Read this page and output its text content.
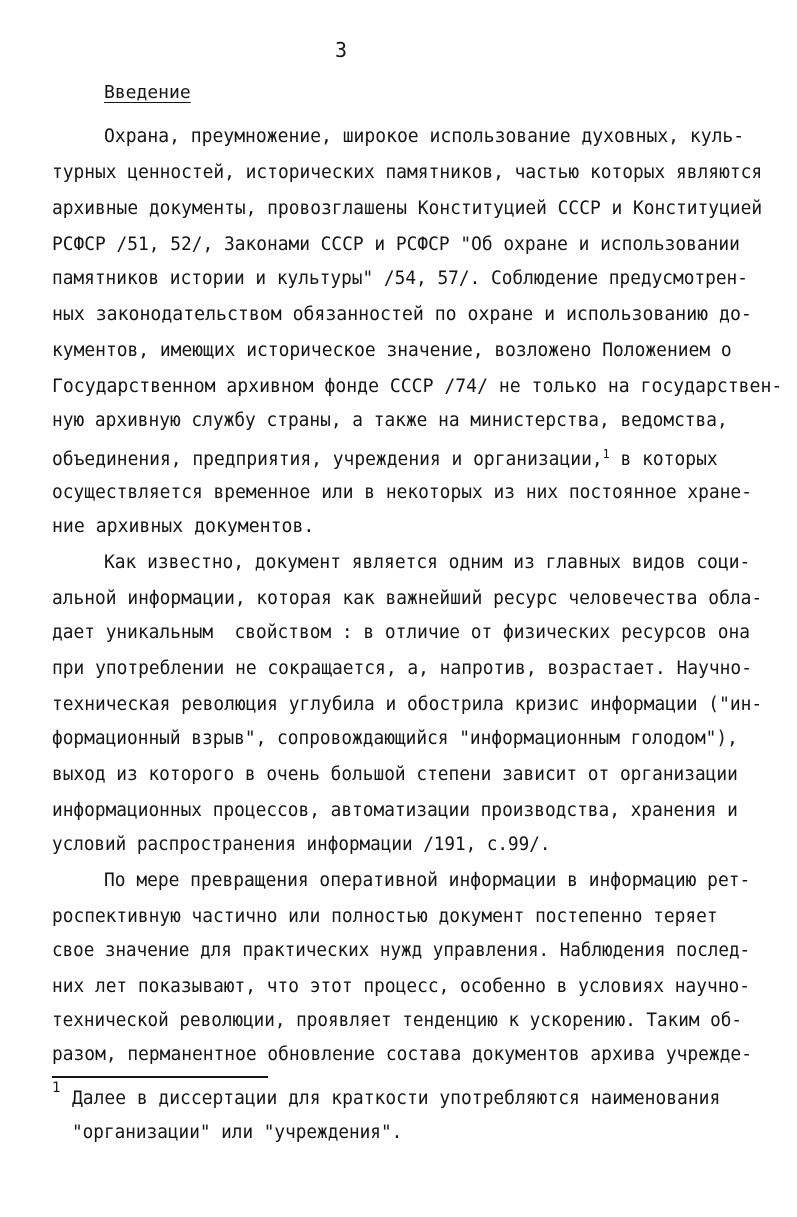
3
Введение
Охрана, преумножение, широкое использование духовных, куль-
турных ценностей, исторических памятников, частью которых являются
архивные документы, провозглашены Конституцией СССР и Конституцией
РСФСР /51, 52/, Законами СССР и РСФСР "Об охране и использовании
памятников истории и культуры" /54, 57/. Соблюдение предусмотрен-
ных законодательством обязанностей по охране и использованию до-
кументов, имеющих историческое значение, возложено Положением о
Государственном архивном фонде СССР /74/ не только на государствен-
ную архивную службу страны, а также на министерства, ведомства,
объединения, предприятия, учреждения и организации,$^1$ в которых
осуществляется временное или в некоторых из них постоянное хране-
ние архивных документов.
Как известно, документ является одним из главных видов соци-
альной информации, которая как важнейший ресурс человечества обла-
дает уникальным  свойством : в отличие от физических ресурсов она
при употреблении не сокращается, а, напротив, возрастает. Научно-
техническая революция углубила и обострила кризис информации ("ин-
формационный взрыв", сопровождающийся "информационным голодом"),
выход из которого в очень большой степени зависит от организации
информационных процессов, автоматизации производства, хранения и
условий распространения информации /191, с.99/.
По мере превращения оперативной информации в информацию рет-
роспективную частично или полностью документ постепенно теряет
свое значение для практических нужд управления. Наблюдения послед-
них лет показывают, что этот процесс, особенно в условиях научно-
технической революции, проявляет тенденцию к ускорению. Таким об-
разом, перманентное обновление состава документов архива учрежде-
1 Далее в диссертации для краткости употребляются наименования
"организации" или "учреждения".
